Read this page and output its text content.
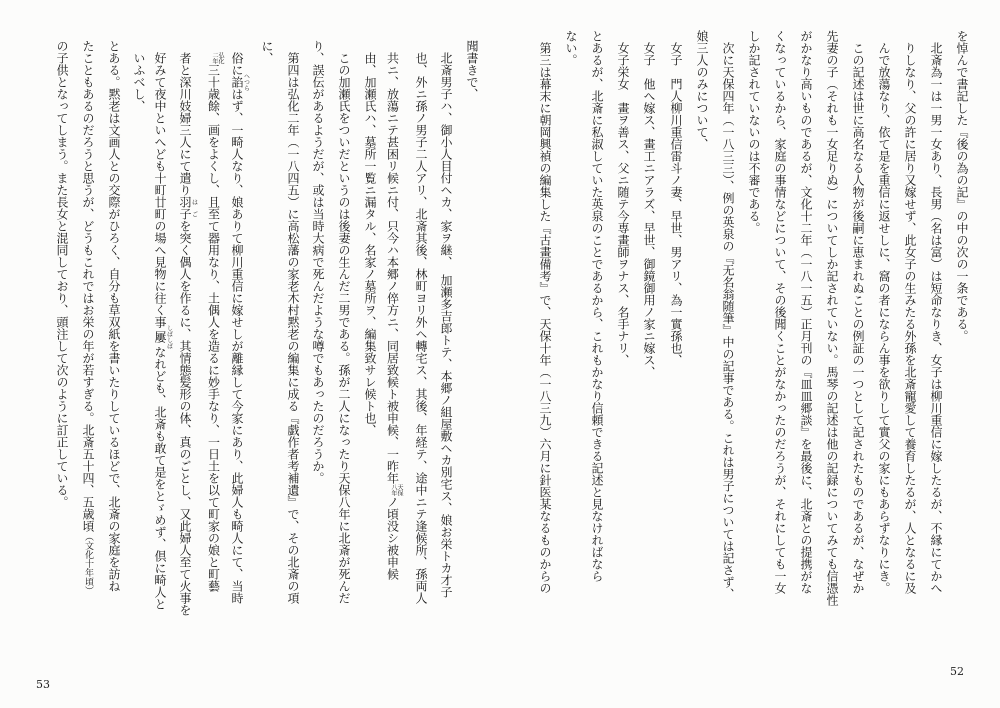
を悼んで書記した『後の為の記』の中の次の一条である。
北斎為一は一男一女あり、長男（名は富）は短命なりき、女子は柳川重信に嫁したるが、不縁にてかへ
りしなり、父の許に居り又嫁せず、此女子の生みたる外孫を北斎寵愛して養育したるが、人となるに及
んで放蕩なり、依て是を重信に返せしに、窩の者にならん事を欲りして實父の家にもあらずなりにき。
この記述は世に高名なる人物が後嗣に恵まれぬことの例証の一つとして記されたものであるが、なぜか
先妻の子（それも一女足りぬ）についてしか記されていない。馬琴の記述は他の記録についてみても信憑性
がかなり高いものであるが、文化十二年（一八一五）正月刊の『皿皿郷談』を最後に、北斎との提携がな
くなっているから、家庭の事情などについて、その後聞くことがなかったのだろうが、それにしても一女
しか記されていないのは不審である。
次に天保四年（一八三三）、例の英泉の『无名翁随筆』中の記事である。これは男子については記さず、
娘三人のみについて、
女子　門人柳川重信雷斗ノ妻、早世、男アリ、為一實孫也、
女子　他へ嫁ス、畫工ニアラズ、早世、御鏡御用ノ家ニ嫁ス、
女子栄女　畫ヲ善ス、父ニ随テ今専畫師ヲナス、名手ナリ、
とあるが、北斎に私淑していた英泉のことであるから、これもかなり信頼できる記述と見なければなら
ない。
第三は幕末に朝岡興禎の編集した『古畫備考』で、天保十年（一八三九）六月に針医某なるものからの
52
聞書きで、
北斎男子ハ、御小人目付ヘカ、家ヲ継、　加瀬多吉郎トテ、本郷ノ組屋敷ヘカ別宅ス、娘お栄トカ才子
也、外ニ孫ノ男子二人アリ、北斎其後、林町ヨリ外ヘ轉宅ス、其後、年経テ、途中ニテ逢候所、孫両人
共ニ、放蕩ニテ甚困リ候ニ付、只今ハ本郷ノ倅方ニ、同居致候ト被申候、一昨年天保八年ノ頃没シ被申候
由、加瀬氏ハ、墓所一覧ニ漏タル、名家ノ墓所ヲ、編集致サレ候ト也、
この加瀬氏をついだというのは後妻の生んだ二男である。孫が二人になったり天保八年に北斎が死んだ
り、誤伝があるようだが、或は当時大病で死んだような噂でもあったのだろうか。
第四は弘化二年（一八四五）に高松藩の家老木村黙老の編集に成る『戯作者考補遺』で、その北斎の項
に、
俗に諂へつらはず、一畸人なり、娘ありて柳川重信に嫁せしが離縁して今家にあり、此婦人も畸人にて、当時
弘化二年三十歳餘、画をよくし、且至て器用なり、土偶人を造るに妙手なり、一日土を以て町家の娘と町藝
者と深川妓婦三人にて遣り羽子はごを突く偶人を作るに、其情態髪形の体、真のごとし、又此婦人至て火事を
好みて夜中といへども十町廿町の場へ見物に往く事屢しばしばなれども、北斎も敢て是をとゞめず、倶に畸人と
いふべし、
とある。黙老は文画人との交際がひろく、自分も草双紙を書いたりしているほどで、北斎の家庭を訪ね
たこともあるのだろうと思うが、どうもこれではお栄の年が若すぎる。北斎五十四、五歳頃（文化十年頃）
の子供となってしまう。また長女と混同しており、頭注して次のように訂正している。
53
